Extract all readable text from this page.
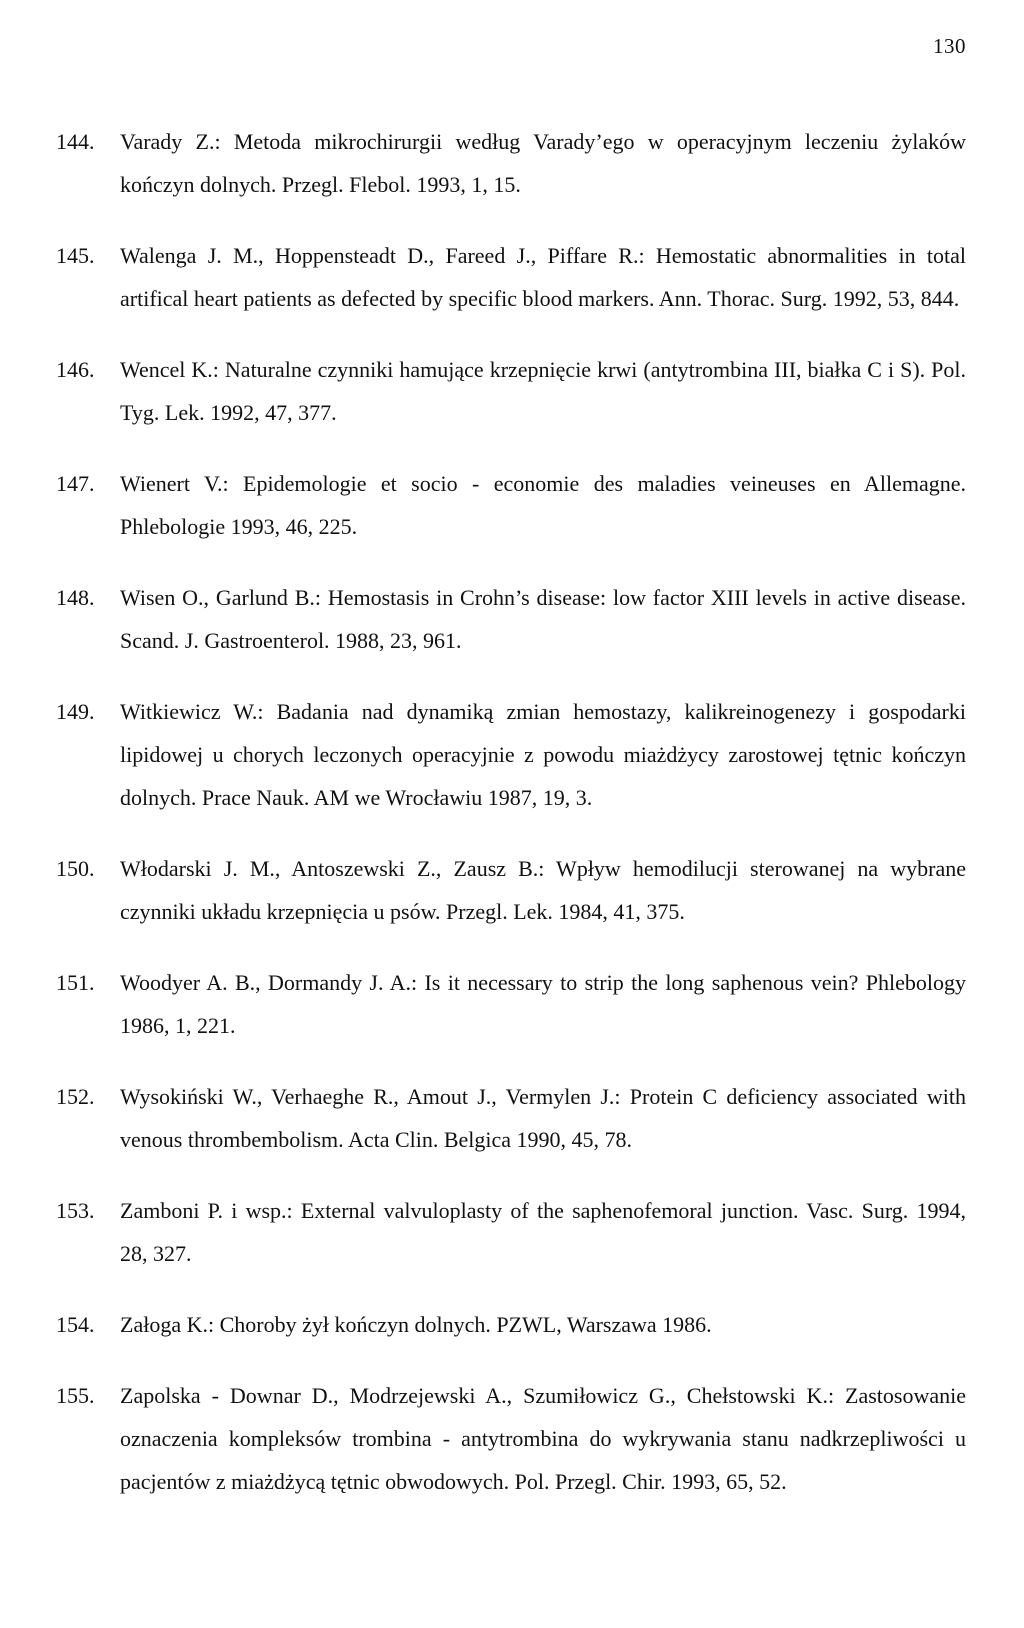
130
144.	Varady Z.: Metoda mikrochirurgii według Varady’ego w operacyjnym leczeniu żylaków kończyn dolnych. Przegl. Flebol. 1993, 1, 15.
145.	Walenga J. M., Hoppensteadt D., Fareed J., Piffare R.: Hemostatic abnormalities in total artifical heart patients as defected by specific blood markers. Ann. Thorac. Surg. 1992, 53, 844.
146.	Wencel K.: Naturalne czynniki hamujące krzepnięcie krwi (antytrombina III, białka C i S). Pol. Tyg. Lek. 1992, 47, 377.
147.	Wienert V.: Epidemologie et socio - economie des maladies veineuses en Allemagne. Phlebologie 1993, 46, 225.
148.	Wisen O., Garlund B.: Hemostasis in Crohn’s disease: low factor XIII levels in active disease. Scand. J. Gastroenterol. 1988, 23, 961.
149.	Witkiewicz W.: Badania nad dynamiką zmian hemostazy, kalikreinogenezy i gospodarki lipidowej u chorych leczonych operacyjnie z powodu miażdżycy zarostowej tętnic kończyn dolnych. Prace Nauk. AM we Wrocławiu 1987, 19, 3.
150.	Włodarski J. M., Antoszewski Z., Zausz B.: Wpływ hemodilucji sterowanej na wybrane czynniki układu krzepnięcia u psów. Przegl. Lek. 1984, 41, 375.
151.	Woodyer A. B., Dormandy J. A.: Is it necessary to strip the long saphenous vein? Phlebology 1986, 1, 221.
152.	Wysokiński W., Verhaeghe R., Amout J., Vermylen J.: Protein C deficiency associated with venous thrombembolism. Acta Clin. Belgica 1990, 45, 78.
153.	Zamboni P. i wsp.: External valvuloplasty of the saphenofemoral junction. Vasc. Surg. 1994, 28, 327.
154.	Załoga K.: Choroby żył kończyn dolnych. PZWL, Warszawa 1986.
155.	Zapolska - Downar D., Modrzejewski A., Szumiłowicz G., Chełstowski K.: Zastosowanie oznaczenia kompleksów trombina - antytrombina do wykrywania stanu nadkrzepliwości u pacjentów z miażdżycą tętnic obwodowych. Pol. Przegl. Chir. 1993, 65, 52.
